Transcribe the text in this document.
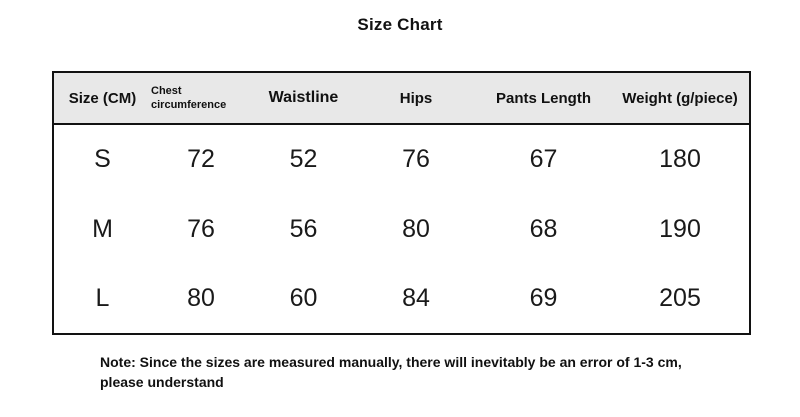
Size Chart
Size (CM)	Chest circumference	Waistline	Hips	Pants Length	Weight (g/piece)
S	72	52	76	67	180
M	76	56	80	68	190
L	80	60	84	69	205

Note: Since the sizes are measured manually, there will inevitably be an error of 1-3 cm,
please understand
